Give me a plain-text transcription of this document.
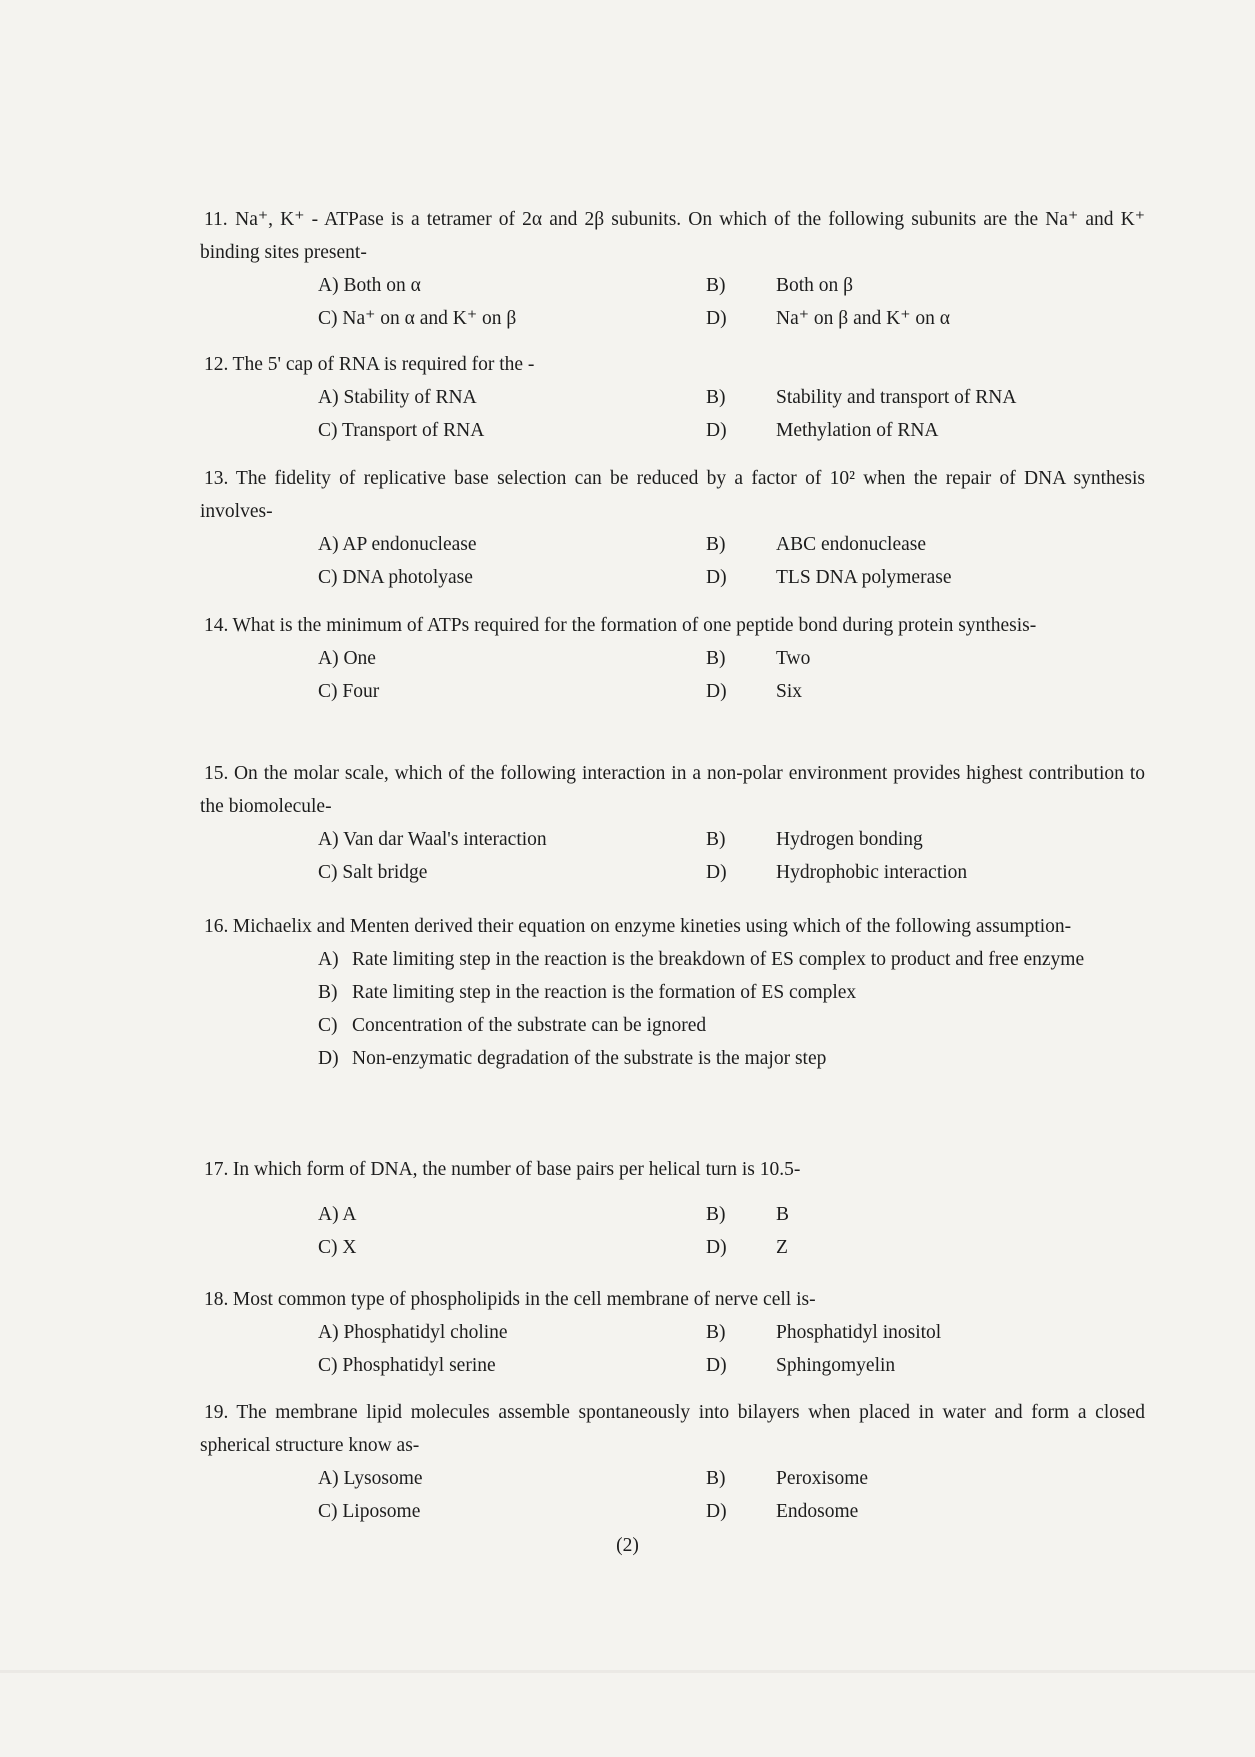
11. Na⁺, K⁺ - ATPase is a tetramer of 2α and 2β subunits. On which of the following subunits are the Na⁺ and K⁺ binding sites present-
A) Both on α	B)	Both on β
C) Na⁺ on α and K⁺ on β	D)	Na⁺ on β and K⁺ on α
12. The 5' cap of RNA is required for the -
A) Stability of RNA	B)	Stability and transport of RNA
C) Transport of RNA	D)	Methylation of RNA
13. The fidelity of replicative base selection can be reduced by a factor of 10² when the repair of DNA synthesis involves-
A) AP endonuclease	B)	ABC endonuclease
C) DNA photolyase	D)	TLS DNA polymerase
14. What is the minimum of ATPs required for the formation of one peptide bond during protein synthesis-
A) One	B)	Two
C) Four	D)	Six
15. On the molar scale, which of the following interaction in a non-polar environment provides highest contribution to the biomolecule-
A) Van dar Waal's interaction	B)	Hydrogen bonding
C) Salt bridge	D)	Hydrophobic interaction
16. Michaelix and Menten derived their equation on enzyme kineties using which of the following assumption-
A) Rate limiting step in the reaction is the breakdown of ES complex to product and free enzyme
B) Rate limiting step in the reaction is the formation of ES complex
C) Concentration of the substrate can be ignored
D) Non-enzymatic degradation of the substrate is the major step
17. In which form of DNA, the number of base pairs per helical turn is 10.5-
A) A	B)	B
C) X	D)	Z
18. Most common type of phospholipids in the cell membrane of nerve cell is-
A) Phosphatidyl choline	B)	Phosphatidyl inositol
C) Phosphatidyl serine	D)	Sphingomyelin
19. The membrane lipid molecules assemble spontaneously into bilayers when placed in water and form a closed spherical structure know as-
A) Lysosome	B)	Peroxisome
C) Liposome	D)	Endosome
(2)
